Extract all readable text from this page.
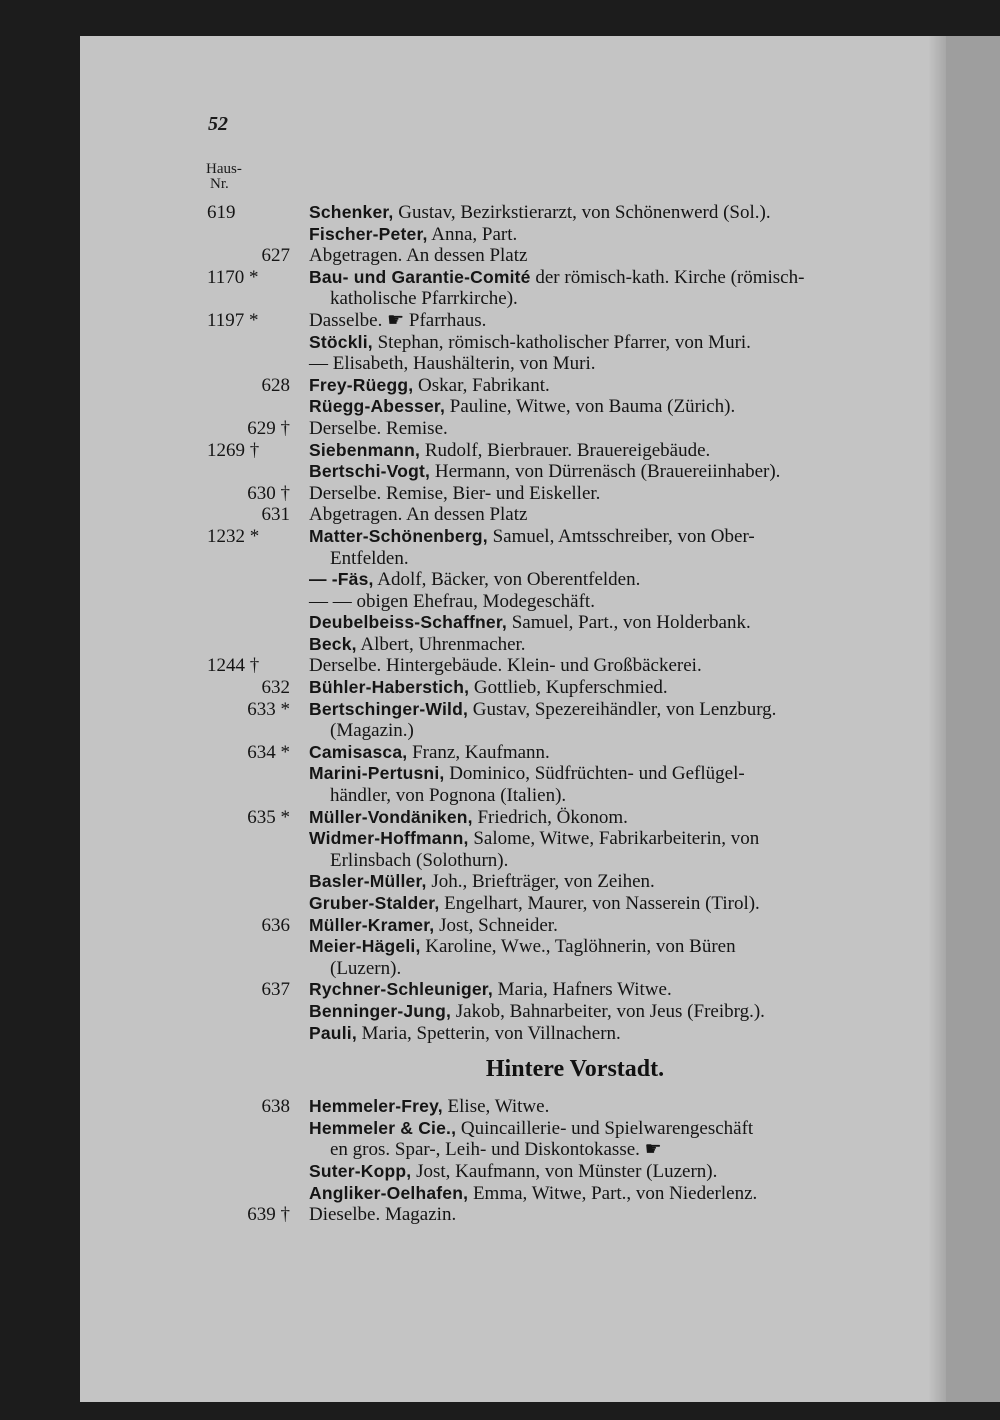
52
Haus-
Nr.
619	Schenker, Gustav, Bezirkstierarzt, von Schönenwerd (Sol.).
Fischer-Peter, Anna, Part.
627 Abgetragen. An dessen Platz
1170 *	Bau- und Garantie-Comité der römisch-kath. Kirche (römisch-
katholische Pfarrkirche).
1197 *	Dasselbe. ☛ Pfarrhaus.
Stöckli, Stephan, römisch-katholischer Pfarrer, von Muri.
— Elisabeth, Haushälterin, von Muri.
628 Frey-Rüegg, Oskar, Fabrikant.
Rüegg-Abesser, Pauline, Witwe, von Bauma (Zürich).
629 † Derselbe. Remise.
1269 †	Siebenmann, Rudolf, Bierbrauer. Brauereigebäude.
Bertschi-Vogt, Hermann, von Dürrenäsch (Brauereiinhaber).
630 † Derselbe. Remise, Bier- und Eiskeller.
631 Abgetragen. An dessen Platz
1232 *	Matter-Schönenberg, Samuel, Amtsschreiber, von Ober-
Entfelden.
— -Fäs, Adolf, Bäcker, von Oberentfelden.
— — obigen Ehefrau, Modegeschäft.
Deubelbeiss-Schaffner, Samuel, Part., von Holderbank.
Beck, Albert, Uhrenmacher.
1244 †	Derselbe. Hintergebäude. Klein- und Großbäckerei.
632 Bühler-Haberstich, Gottlieb, Kupferschmied.
633 * Bertschinger-Wild, Gustav, Spezereihändler, von Lenzburg.
(Magazin.)
634 * Camisasca, Franz, Kaufmann.
Marini-Pertusni, Dominico, Südfrüchten- und Geflügel-
händler, von Pognona (Italien).
635 * Müller-Vondäniken, Friedrich, Ökonom.
Widmer-Hoffmann, Salome, Witwe, Fabrikarbeiterin, von
Erlinsbach (Solothurn).
Basler-Müller, Joh., Briefträger, von Zeihen.
Gruber-Stalder, Engelhart, Maurer, von Nasserein (Tirol).
636 Müller-Kramer, Jost, Schneider.
Meier-Hägeli, Karoline, Wwe., Taglöhnerin, von Büren
(Luzern).
637 Rychner-Schleuniger, Maria, Hafners Witwe.
Benninger-Jung, Jakob, Bahnarbeiter, von Jeus (Freibrg.).
Pauli, Maria, Spetterin, von Villnachern.
Hintere Vorstadt.
638 Hemmeler-Frey, Elise, Witwe.
Hemmeler & Cie., Quincaillerie- und Spielwarengeschäft
en gros. Spar-, Leih- und Diskontokasse. ☛
Suter-Kopp, Jost, Kaufmann, von Münster (Luzern).
Angliker-Oelhafen, Emma, Witwe, Part., von Niederlenz.
639 † Dieselbe. Magazin.
